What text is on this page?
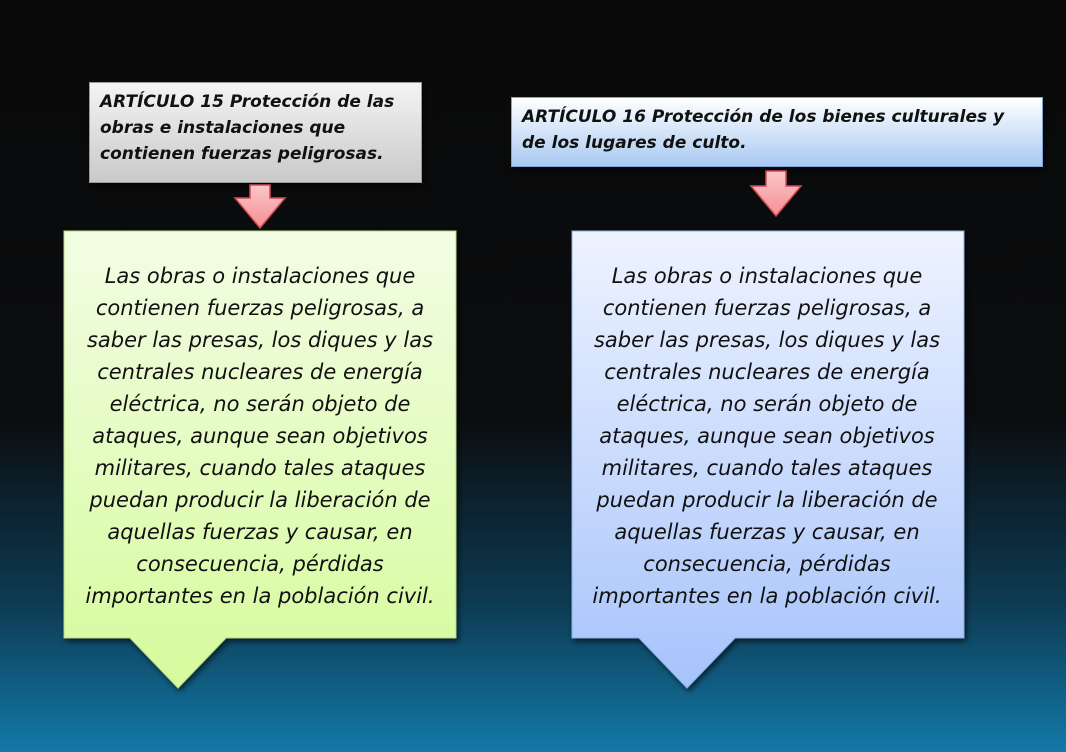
ARTÍCULO 15 Protección de las obras e instalaciones que contienen fuerzas peligrosas.
ARTÍCULO 16 Protección de los bienes culturales y de los lugares de culto.
Las obras o instalaciones que contienen fuerzas peligrosas, a saber las presas, los diques y las centrales nucleares de energía eléctrica, no serán objeto de ataques, aunque sean objetivos militares, cuando tales ataques puedan producir la liberación de aquellas fuerzas y causar, en consecuencia, pérdidas importantes en la población civil.
Las obras o instalaciones que contienen fuerzas peligrosas, a saber las presas, los diques y las centrales nucleares de energía eléctrica, no serán objeto de ataques, aunque sean objetivos militares, cuando tales ataques puedan producir la liberación de aquellas fuerzas y causar, en consecuencia, pérdidas importantes en la población civil.
